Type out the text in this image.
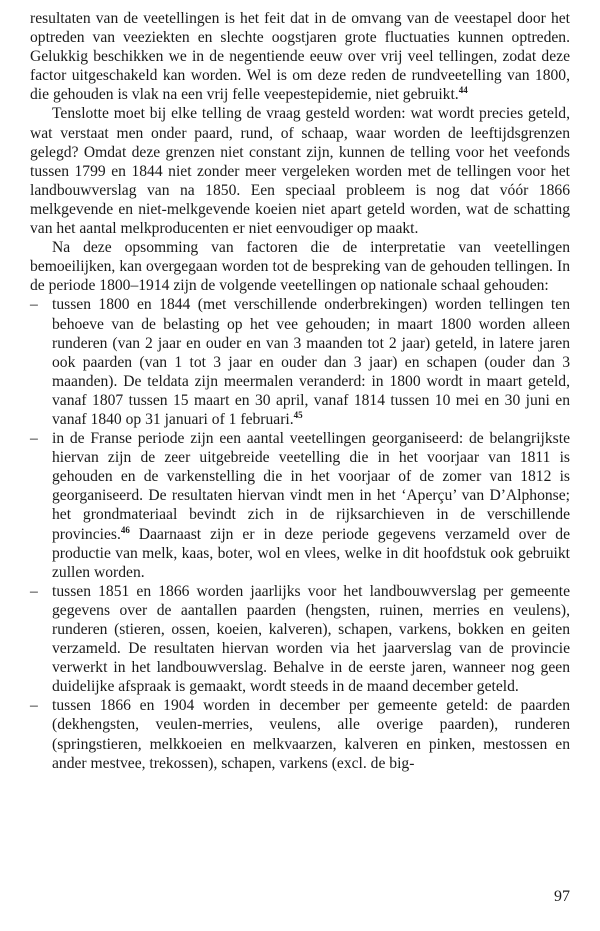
resultaten van de veetellingen is het feit dat in de omvang van de veestapel door het optreden van veeziekten en slechte oogstjaren grote fluctuaties kunnen optreden. Gelukkig beschikken we in de negentiende eeuw over vrij veel tellingen, zodat deze factor uitgeschakeld kan worden. Wel is om deze reden de rundveetelling van 1800, die gehouden is vlak na een vrij felle veepestepidemie, niet gebruikt.$^{44}$

Tenslotte moet bij elke telling de vraag gesteld worden: wat wordt precies geteld, wat verstaat men onder paard, rund, of schaap, waar worden de leeftijdsgrenzen gelegd? Omdat deze grenzen niet constant zijn, kunnen de telling voor het veefonds tussen 1799 en 1844 niet zonder meer vergeleken worden met de tellingen voor het landbouwverslag van na 1850. Een speciaal probleem is nog dat vóór 1866 melkgevende en niet-melkgevende koeien niet apart geteld worden, wat de schatting van het aantal melkproducenten er niet eenvoudiger op maakt.

Na deze opsomming van factoren die de interpretatie van veetellingen bemoeilijken, kan overgegaan worden tot de bespreking van de gehouden tellingen. In de periode 1800–1914 zijn de volgende veetellingen op nationale schaal gehouden:

– tussen 1800 en 1844 (met verschillende onderbrekingen) worden tellingen ten behoeve van de belasting op het vee gehouden; in maart 1800 worden alleen runderen (van 2 jaar en ouder en van 3 maanden tot 2 jaar) geteld, in latere jaren ook paarden (van 1 tot 3 jaar en ouder dan 3 jaar) en schapen (ouder dan 3 maanden). De teldata zijn meermalen veranderd: in 1800 wordt in maart geteld, vanaf 1807 tussen 15 maart en 30 april, vanaf 1814 tussen 10 mei en 30 juni en vanaf 1840 op 31 januari of 1 februari.$^{45}$
– in de Franse periode zijn een aantal veetellingen georganiseerd: de belangrijkste hiervan zijn de zeer uitgebreide veetelling die in het voorjaar van 1811 is gehouden en de varkenstelling die in het voorjaar of de zomer van 1812 is georganiseerd. De resultaten hiervan vindt men in het ‘Aperçu’ van D’Alphonse; het grondmateriaal bevindt zich in de rijksarchieven in de verschillende provincies.$^{46}$ Daarnaast zijn er in deze periode gegevens verzameld over de productie van melk, kaas, boter, wol en vlees, welke in dit hoofdstuk ook gebruikt zullen worden.
– tussen 1851 en 1866 worden jaarlijks voor het landbouwverslag per gemeente gegevens over de aantallen paarden (hengsten, ruinen, merries en veulens), runderen (stieren, ossen, koeien, kalveren), schapen, varkens, bokken en geiten verzameld. De resultaten hiervan worden via het jaarverslag van de provincie verwerkt in het landbouwverslag. Behalve in de eerste jaren, wanneer nog geen duidelijke afspraak is gemaakt, wordt steeds in de maand december geteld.
– tussen 1866 en 1904 worden in december per gemeente geteld: de paarden (dekhengsten, veulen-merries, veulens, alle overige paarden), runderen (springstieren, melkkoeien en melkvaarzen, kalveren en pinken, mestossen en ander mestvee, trekossen), schapen, varkens (excl. de big-
97
